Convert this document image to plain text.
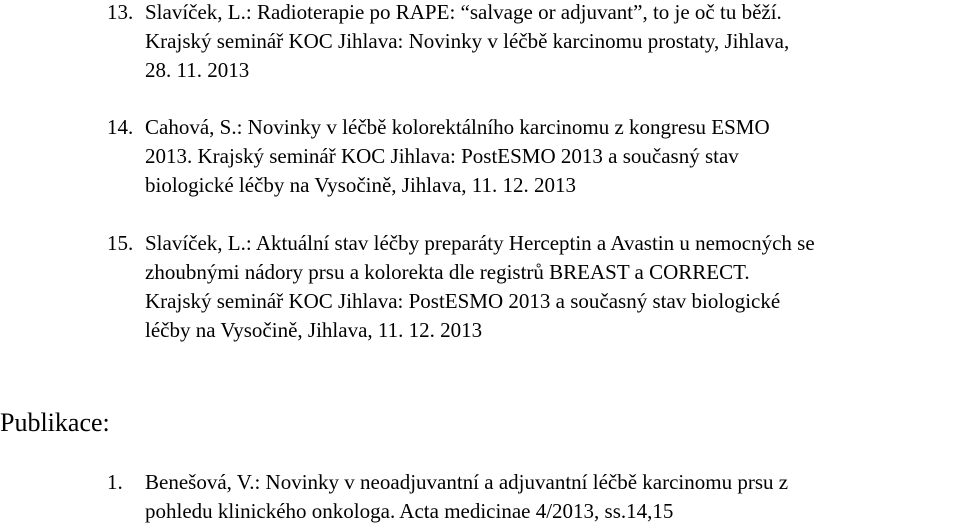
13. Slavíček, L.: Radioterapie po RAPE: “salvage or adjuvant”, to je oč tu běží.
Krajský seminář KOC Jihlava: Novinky v léčbě karcinomu prostaty, Jihlava,
28. 11. 2013
14. Cahová, S.: Novinky v léčbě kolorektálního karcinomu z kongresu ESMO
2013. Krajský seminář KOC Jihlava: PostESMO 2013 a současný stav
biologické léčby na Vysočině, Jihlava, 11. 12. 2013
15. Slavíček, L.: Aktuální stav léčby preparáty Herceptin a Avastin u nemocných se
zhoubnými nádory prsu a kolorekta dle registrů BREAST a CORRECT.
Krajský seminář KOC Jihlava: PostESMO 2013 a současný stav biologické
léčby na Vysočině, Jihlava, 11. 12. 2013
Publikace:
1. Benešová, V.: Novinky v neoadjuvantní a adjuvantní léčbě karcinomu prsu z
pohledu klinického onkologa. Acta medicinae 4/2013, ss.14,15
